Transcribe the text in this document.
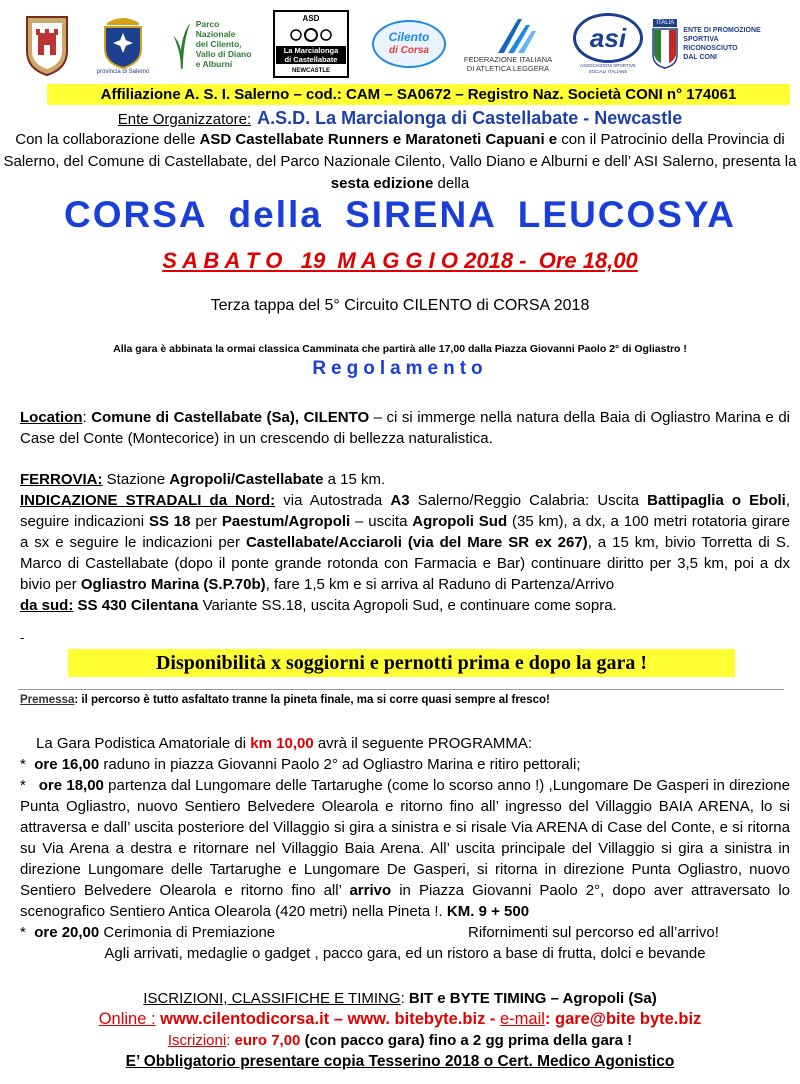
provincia di Salerno
Parco Nazionale
del Cilento,
Vallo di Diano
e Alburni
ASD
La Marcialonga
di Castellabate
NEWCASTLE
Cilento
di Corsa
FEDERAZIONE ITALIANA
DI ATLETICA LEGGERA
asi
ASSOCIAZIONI SPORTIVE SOCIALI ITALIANE
ITALIA
ENTE DI PROMOZIONE
SPORTIVA
RICONOSCIUTO
DAL CONI
Affiliazione A. S. I. Salerno – cod.: CAM – SA0672 – Registro Naz. Società CONI n° 174061
Ente Organizzatore: A.S.D. La Marcialonga di Castellabate - Newcastle
Con la collaborazione delle ASD Castellabate Runners e Maratoneti Capuani e con il Patrocinio della Provincia di Salerno, del Comune di Castellabate, del Parco Nazionale Cilento, Vallo Diano e Alburni e dell’ ASI Salerno, presenta la sesta edizione della
CORSA della SIRENA LEUCOSYA
S A B A T O   19  M A G G I O 2018 -  Ore 18,00
Terza tappa del 5° Circuito CILENTO di CORSA 2018
Alla gara è abbinata la ormai classica Camminata che partirà alle 17,00 dalla Piazza Giovanni Paolo 2° di Ogliastro !
Regolamento
Location: Comune di Castellabate (Sa), CILENTO – ci si immerge nella natura della Baia di Ogliastro Marina e di Case del Conte (Montecorice) in un crescendo di bellezza naturalistica.
FERROVIA: Stazione Agropoli/Castellabate a 15 km.
INDICAZIONE STRADALI da Nord: via Autostrada A3 Salerno/Reggio Calabria: Uscita Battipaglia o Eboli, seguire indicazioni SS 18 per Paestum/Agropoli – uscita Agropoli Sud (35 km), a dx, a 100 metri rotatoria girare a sx e seguire le indicazioni per Castellabate/Acciaroli (via del Mare SR ex 267), a 15 km, bivio Torretta di S. Marco di Castellabate (dopo il ponte grande rotonda con Farmacia e Bar) continuare diritto per 3,5 km, poi a dx bivio per Ogliastro Marina (S.P.70b), fare 1,5 km e si arriva al Raduno di Partenza/Arrivo
da sud: SS 430 Cilentana Variante SS.18, uscita Agropoli Sud, e continuare come sopra.
-
Disponibilità x soggiorni e pernotti prima e dopo la gara !
Premessa: il percorso è tutto asfaltato tranne la pineta finale, ma si corre quasi sempre al fresco!
La Gara Podistica Amatoriale di km 10,00 avrà il seguente PROGRAMMA:
* ore 16,00 raduno in piazza Giovanni Paolo 2° ad Ogliastro Marina e ritiro pettorali;
* ore 18,00 partenza dal Lungomare delle Tartarughe (come lo scorso anno !) ,Lungomare De Gasperi in direzione Punta Ogliastro, nuovo Sentiero Belvedere Olearola e ritorno fino all’ ingresso del Villaggio BAIA ARENA, lo si attraversa e dall’ uscita posteriore del Villaggio si gira a sinistra e si risale Via ARENA di Case del Conte, e si ritorna su Via Arena a destra e ritornare nel Villaggio Baia Arena. All’ uscita principale del Villaggio si gira a sinistra in direzione Lungomare delle Tartarughe e Lungomare De Gasperi, si ritorna in direzione Punta Ogliastro, nuovo Sentiero Belvedere Olearola e ritorno fino all’ arrivo in Piazza Giovanni Paolo 2°, dopo aver attraversato lo scenografico Sentiero Antica Olearola (420 metri) nella Pineta !. KM. 9 + 500
* ore 20,00 Cerimonia di Premiazione	Rifornimenti sul percorso ed all’arrivo!
Agli arrivati, medaglie o gadget , pacco gara, ed un ristoro a base di frutta, dolci e bevande
ISCRIZIONI, CLASSIFICHE E TIMING: BIT e BYTE TIMING – Agropoli (Sa)
Online : www.cilentodicorsa.it – www. bitebyte.biz - e-mail: gare@bite byte.biz
Iscrizioni: euro 7,00 (con pacco gara) fino a 2 gg prima della gara !
E’ Obbligatorio presentare copia Tesserino 2018 o Cert. Medico Agonistico
